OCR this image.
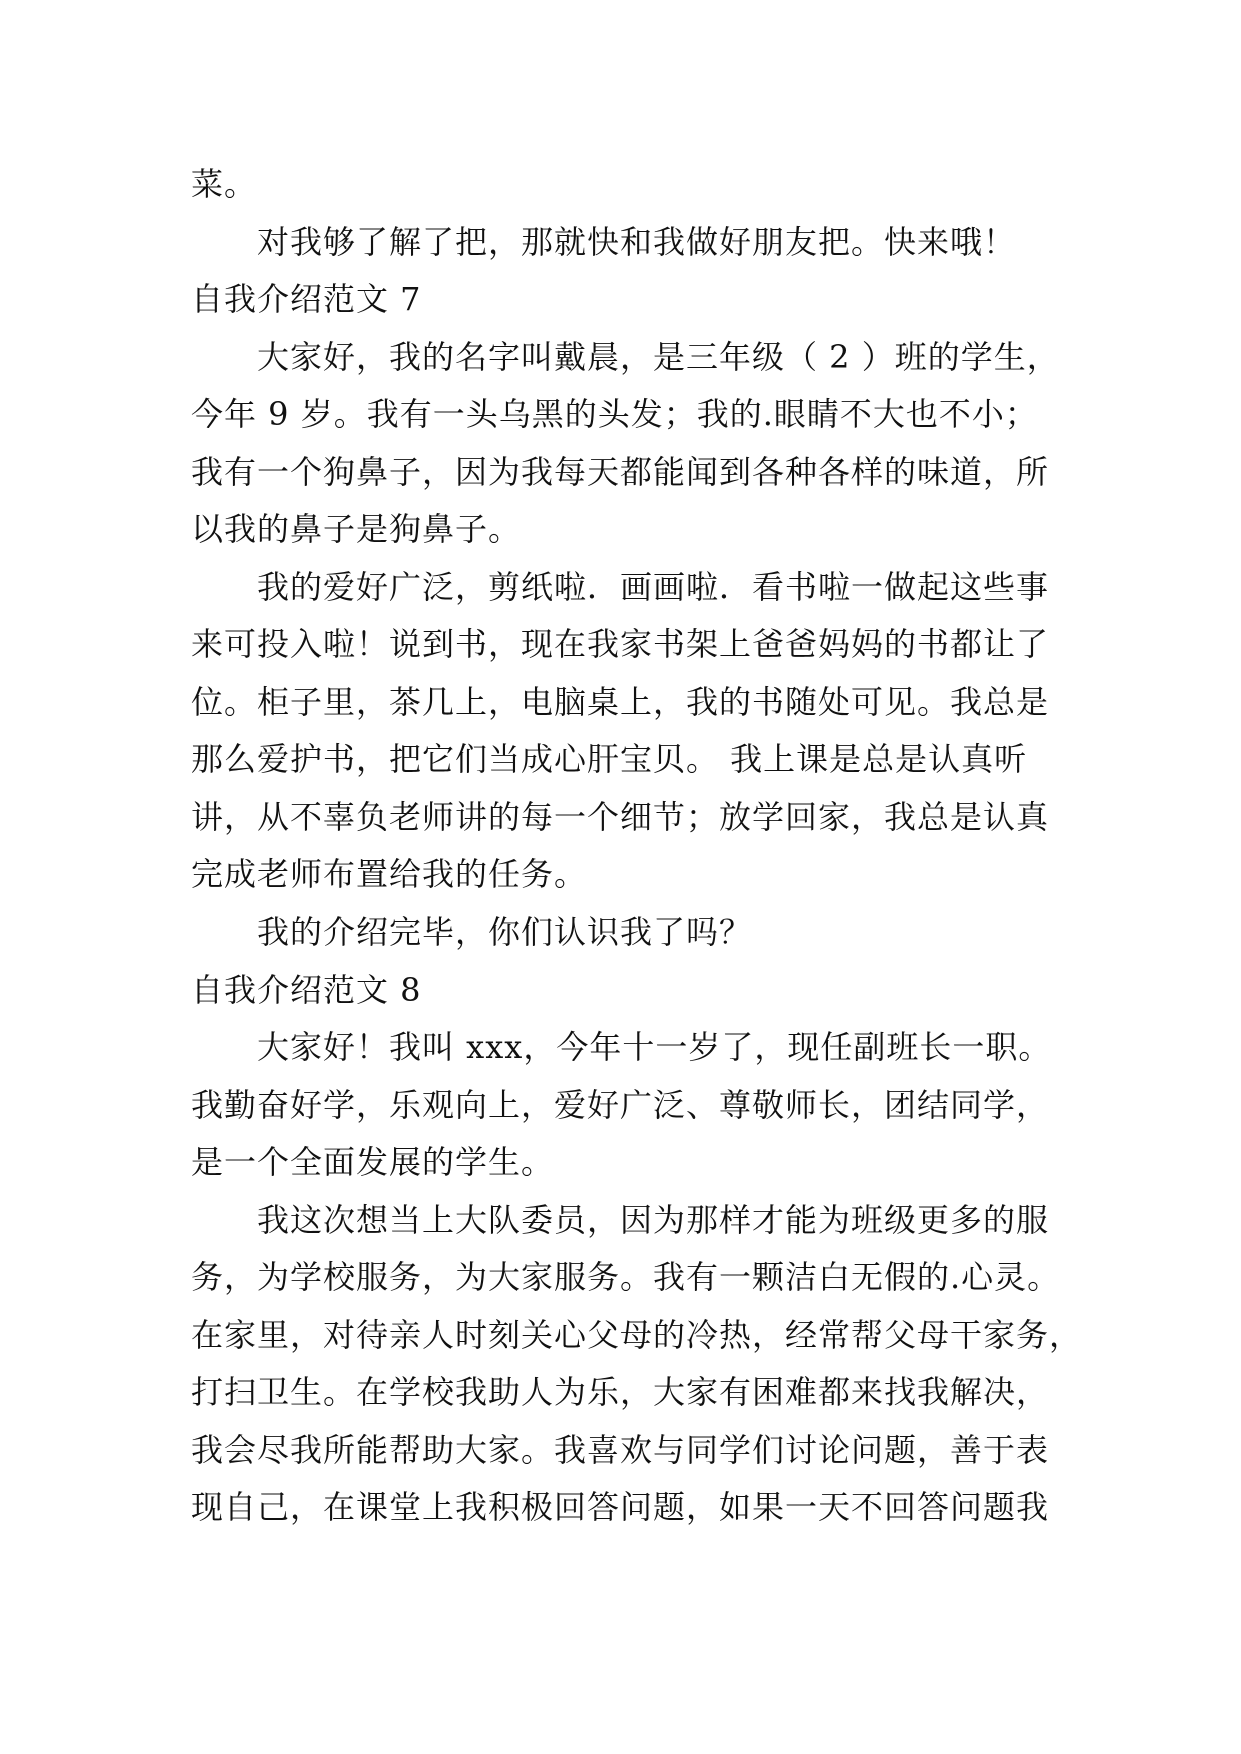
菜。

对我够了解了把，那就快和我做好朋友把。快来哦！

自我介绍范文 7

大家好，我的名字叫戴晨，是三年级（ 2 ）班的学生，

今年 9 岁。我有一头乌黑的头发；我的.眼睛不大也不小；

我有一个狗鼻子，因为我每天都能闻到各种各样的味道，所

以我的鼻子是狗鼻子。

我的爱好广泛，剪纸啦．画画啦．看书啦一做起这些事

来可投入啦！说到书，现在我家书架上爸爸妈妈的书都让了

位。柜子里，茶几上，电脑桌上，我的书随处可见。我总是

那么爱护书，把它们当成心肝宝贝。 我上课是总是认真听

讲，从不辜负老师讲的每一个细节；放学回家，我总是认真

完成老师布置给我的任务。

我的介绍完毕，你们认识我了吗？

自我介绍范文 8

大家好！我叫 xxx，今年十一岁了，现任副班长一职。

我勤奋好学，乐观向上，爱好广泛、尊敬师长，团结同学，

是一个全面发展的学生。

我这次想当上大队委员，因为那样才能为班级更多的服

务，为学校服务，为大家服务。我有一颗洁白无假的.心灵。

在家里，对待亲人时刻关心父母的冷热，经常帮父母干家务，

打扫卫生。在学校我助人为乐，大家有困难都来找我解决，

我会尽我所能帮助大家。我喜欢与同学们讨论问题，善于表

现自己，在课堂上我积极回答问题，如果一天不回答问题我
